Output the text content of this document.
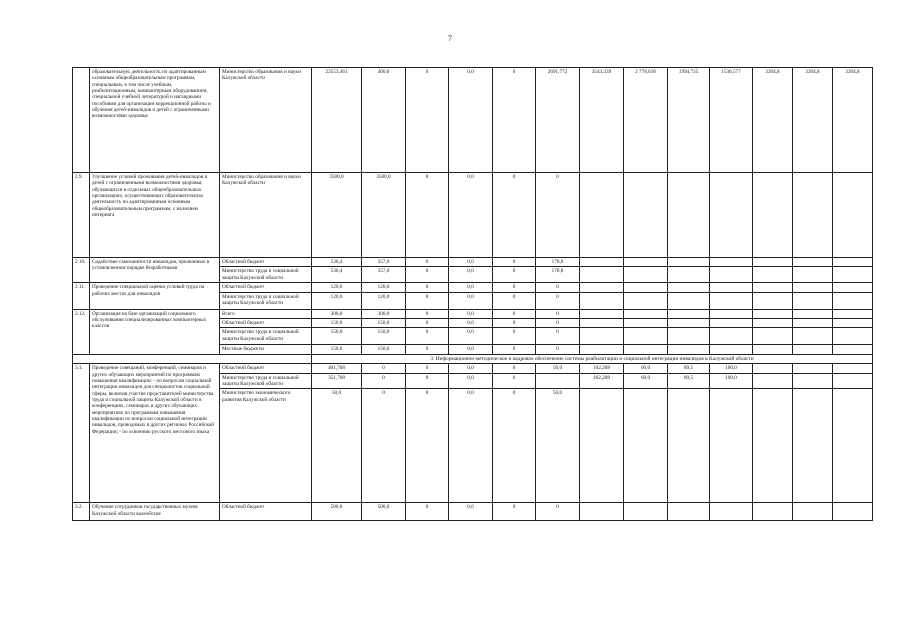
7
	образовательную деятельность по адаптированным основным общеобразовательным программам, специальным, в том числе учебным, реабилитационным, компьютерным оборудованием, специальной учебной литературой и наглядными пособиями для организации коррекционной работы и обучения детей-инвалидов и детей с ограниченными возможностями здоровья	Министерство образования и науки Калужской области	22553,461	400,0	0	0,0	0	2691,772	3543,339	2 778,618	1994,735	1530,577	3204,8	3204,8	3204,8
2.9.	Улучшение условий проживания детей-инвалидов и детей с ограниченными возможностями здоровья, обучающихся в отдельных общеобразовательных организациях, осуществляющих образовательную деятельность по адаптированным основным общеобразовательным программам, с наличием интерната	Министерство образования и науки Калужской области	3500,0	3500,0	0	0,0	0	0							
2.10.	Содействие самозанятости инвалидов, признанных в установленном порядке безработными	Областной бюджет	536,4	357,6	0	0,0	0	178,8							
		Министерство труда и социальной защиты Калужской области	536,4	357,6	0	0,0	0	178,8							
2.11.	Проведение специальной оценки условий труда на рабочих местах для инвалидов	Областной бюджет	120,0	120,0	0	0,0	0	0							
		Министерство труда и социальной защиты Калужской области	120,0	120,0	0	0,0	0	0							
2.12.	Организация на базе организаций социального обслуживания специализированных компьютерных классов	Всего	300,0	300,0	0	0,0	0	0							
		Областной бюджет	150,0	150,0	0	0,0	0	0							
		Министерство труда и социальной защиты Калужской области	150,0	150,0	0	0,0	0	0							
		Местные бюджеты	150,0	150,0	0	0,0	0	0							
			3. Информационно-методическое и кадровое обеспечение системы реабилитации и социальной интеграции инвалидов в Калужской области												
3.1.	Проведение совещаний, конференций, семинаров и других обучающих мероприятий по программам повышения квалификации: - по вопросам социальной интеграции инвалидов для специалистов социальной сферы, включая участие представителей министерства труда и социальной защиты Калужской области в конференциях, семинарах и других обучающих мероприятиях по программам повышения квалификации по вопросам социальной интеграции инвалидов, проводимых в других регионах Российской Федерации; - по освоению русского жестового языка	Областной бюджет	401,708	0	0	0,0	0	50,0	102,208	60,0	89,5	100,0			
		Министерство труда и социальной защиты Калужской области	351,708	0	0	0,0	0		102,208	60,0	89,5	100,0			
		Министерство экономического развития Калужской области	50,0	0	0	0,0	0	50,0							
3.2.	Обучение сотрудников государственных музеев Калужской области валеобогие	Областной бюджет	500,0	500,0	0	0,0	0	0							
